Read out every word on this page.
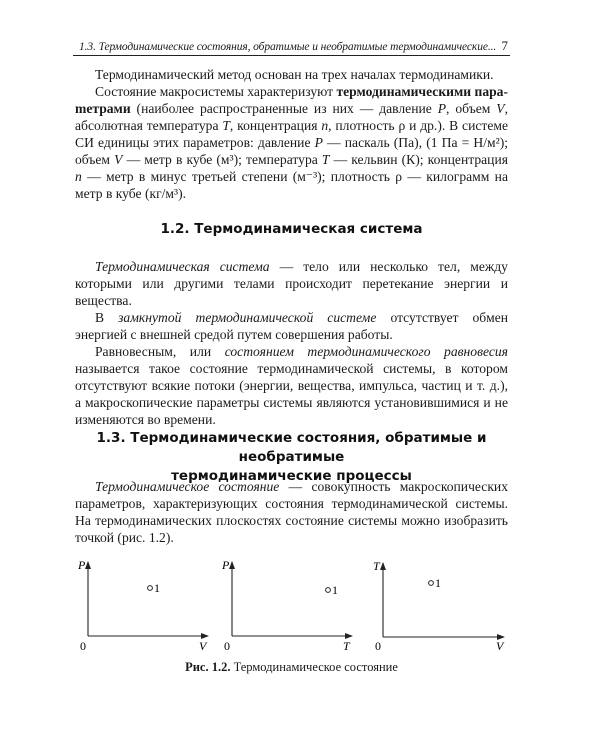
1.3. Термодинамические состояния, обратимые и необратимые термодинамические... 7

Термодинамический метод основан на трех началах термодинамики.

Состояние макросистемы характеризуют термодинамическими параmетрами (наиболее распространенные из них — давление P, объем V, абсолютная температура T, концентрация n, плотность ρ и др.). В системе СИ единицы этих параметров: давление P — паскаль (Па), (1 Па = Н/м²); объем V — метр в кубе (м³); температура T — кельвин (К); концентрация n — метр в минус третьей степени (м⁻³); плотность ρ — килограмм на метр в кубе (кг/м³).

1.2. Термодинамическая система

Термодинамическая система — тело или несколько тел, между которыми или другими телами происходит перетекание энергии и вещества.

В замкнутой термодинамической системе отсутствует обмен энергией с внешней средой путем совершения работы.

Равновесным, или состоянием термодинамического равновесия называется такое состояние термодинамической системы, в котором отсутствуют всякие потоки (энергии, вещества, импульса, частиц и т. д.), а макроскопические параметры системы являются установившимися и не изменяются во времени.

1.3. Термодинамические состояния, обратимые и необратимые
термодинамические процессы

Термодинамическое состояние — совокупность макроскопических параметров, характеризующих состояния термодинамической системы. На термодинамических плоскостях состояние системы можно изобразить точкой (рис. 1.2).

P
0	V
1
P
0	T
1
T
0	V
1
Рис. 1.2. Термодинамическое состояние
